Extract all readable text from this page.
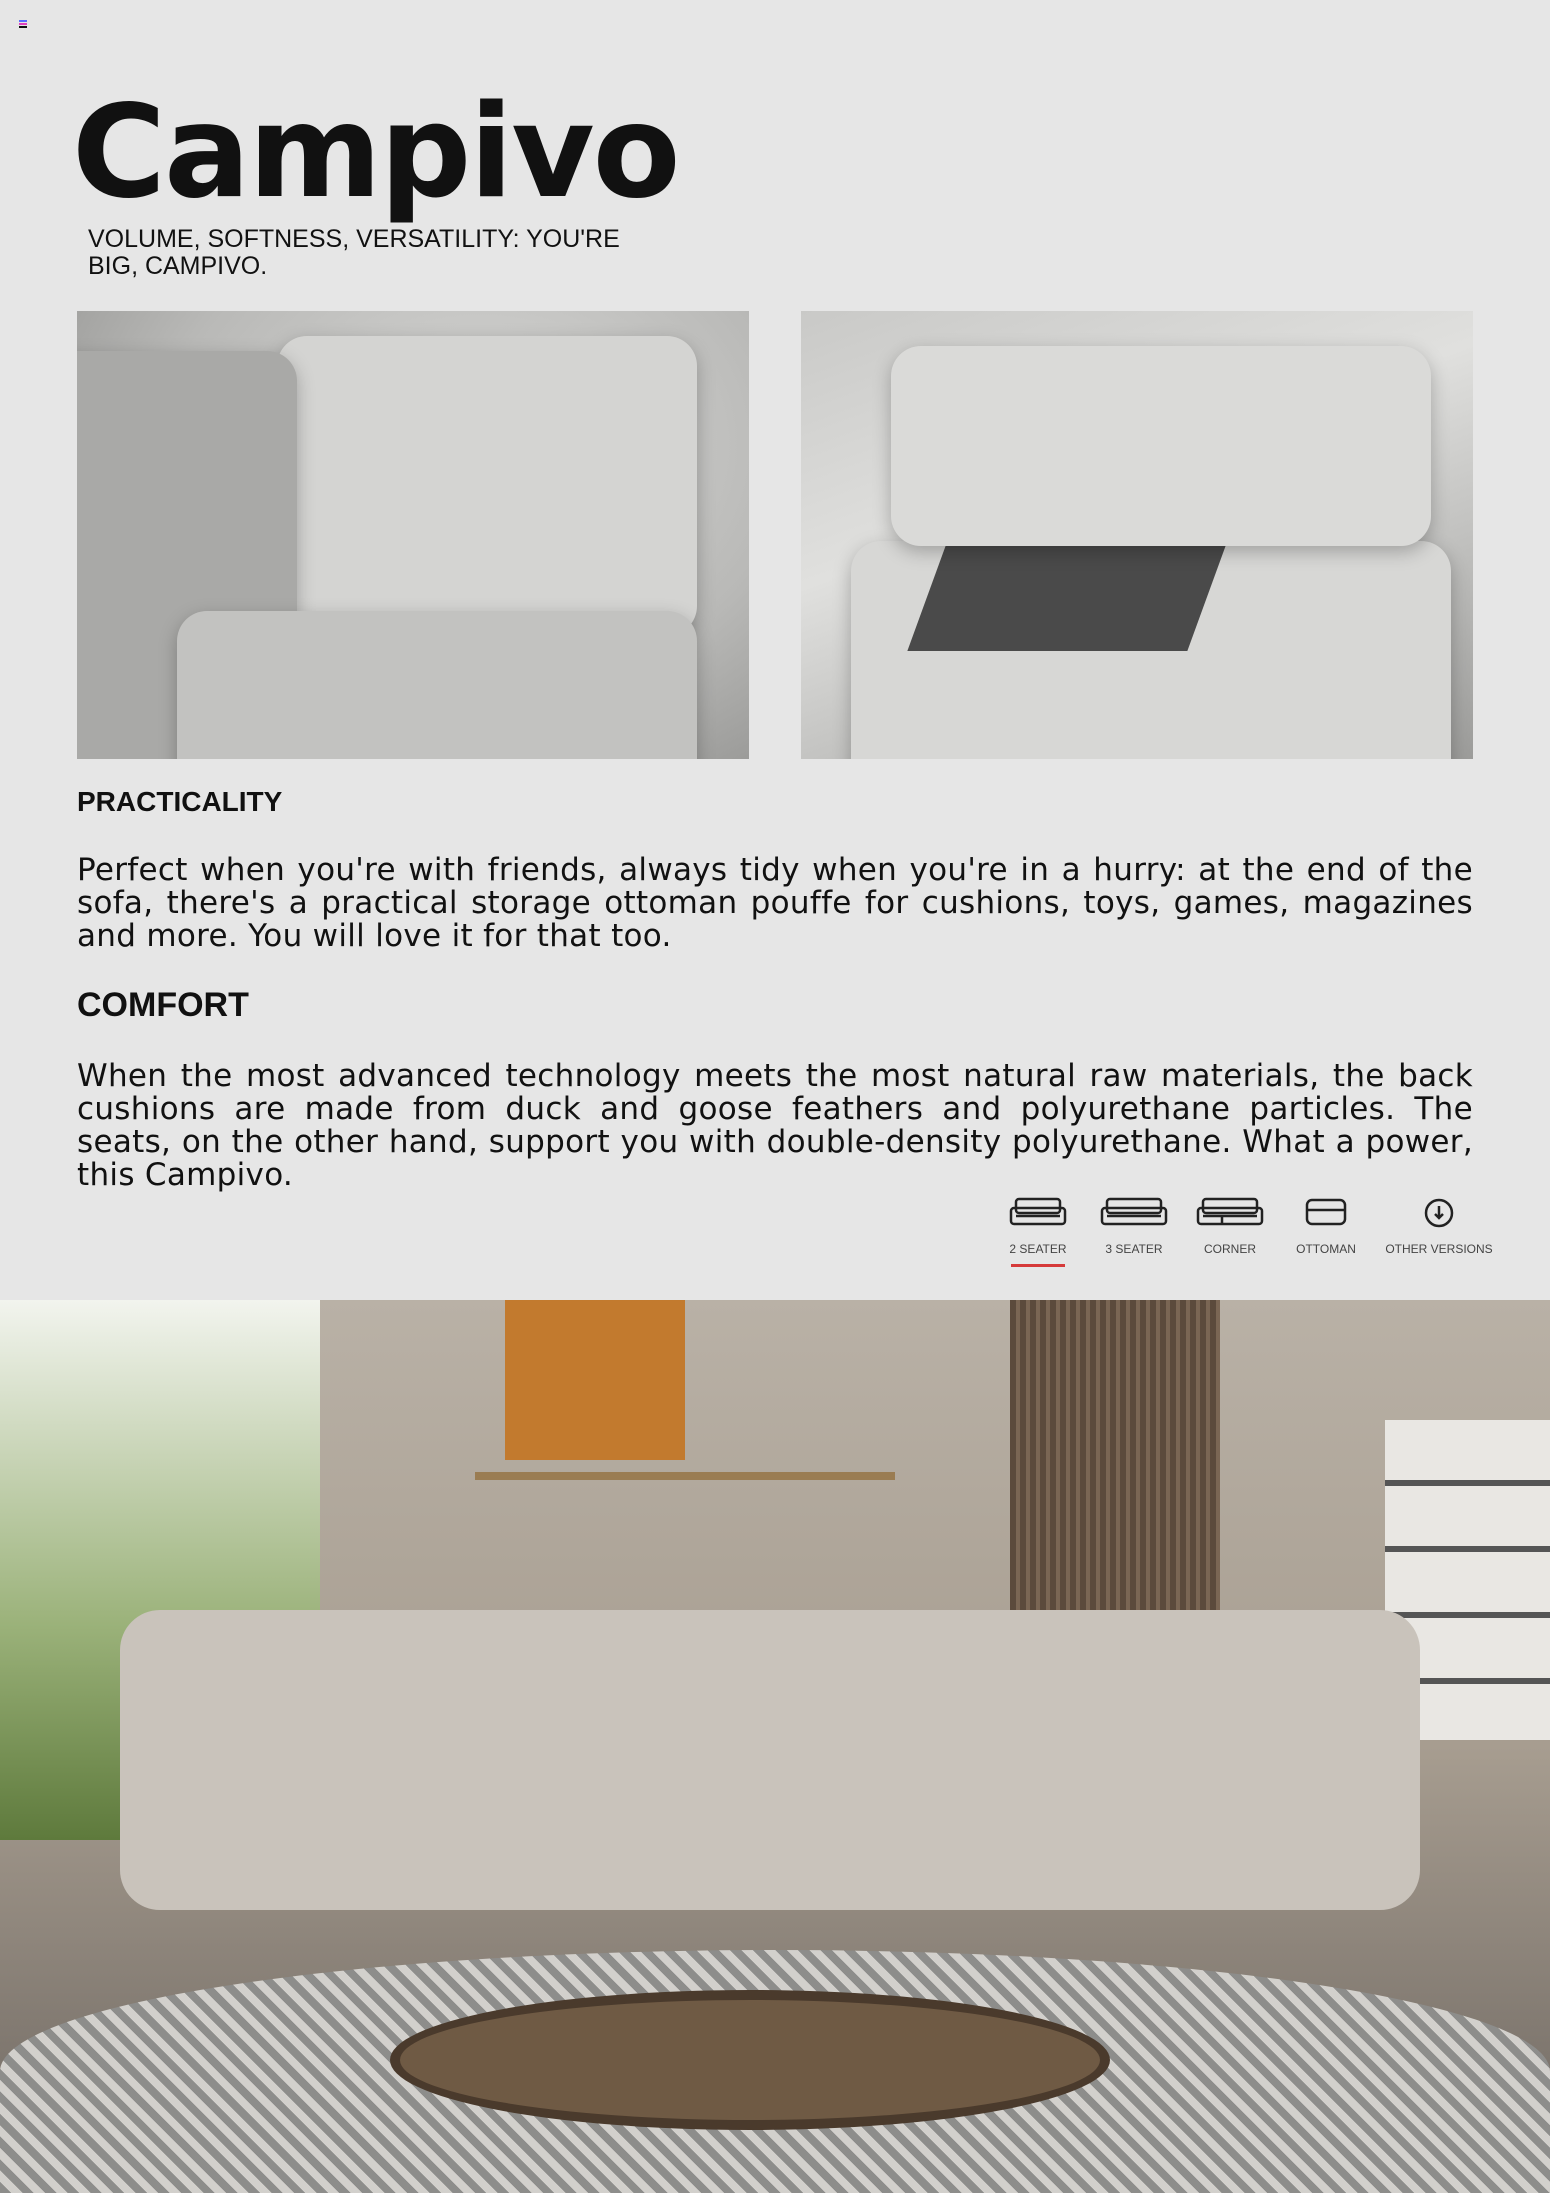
Campivo
VOLUME, SOFTNESS, VERSATILITY: YOU'RE BIG, CAMPIVO.
PRACTICALITY

Perfect when you're with friends, always tidy when you're in a hurry: at the end of the sofa, there's a practical storage ottoman pouffe for cushions, toys, games, magazines and more. You will love it for that too.

COMFORT

When the most advanced technology meets the most natural raw materials, the back cushions are made from duck and goose feathers and polyurethane particles. The seats, on the other hand, support you with double-density polyurethane. What a power, this Campivo.

2 SEATER	3 SEATER	CORNER	OTTOMAN OTHER VERSIONS
